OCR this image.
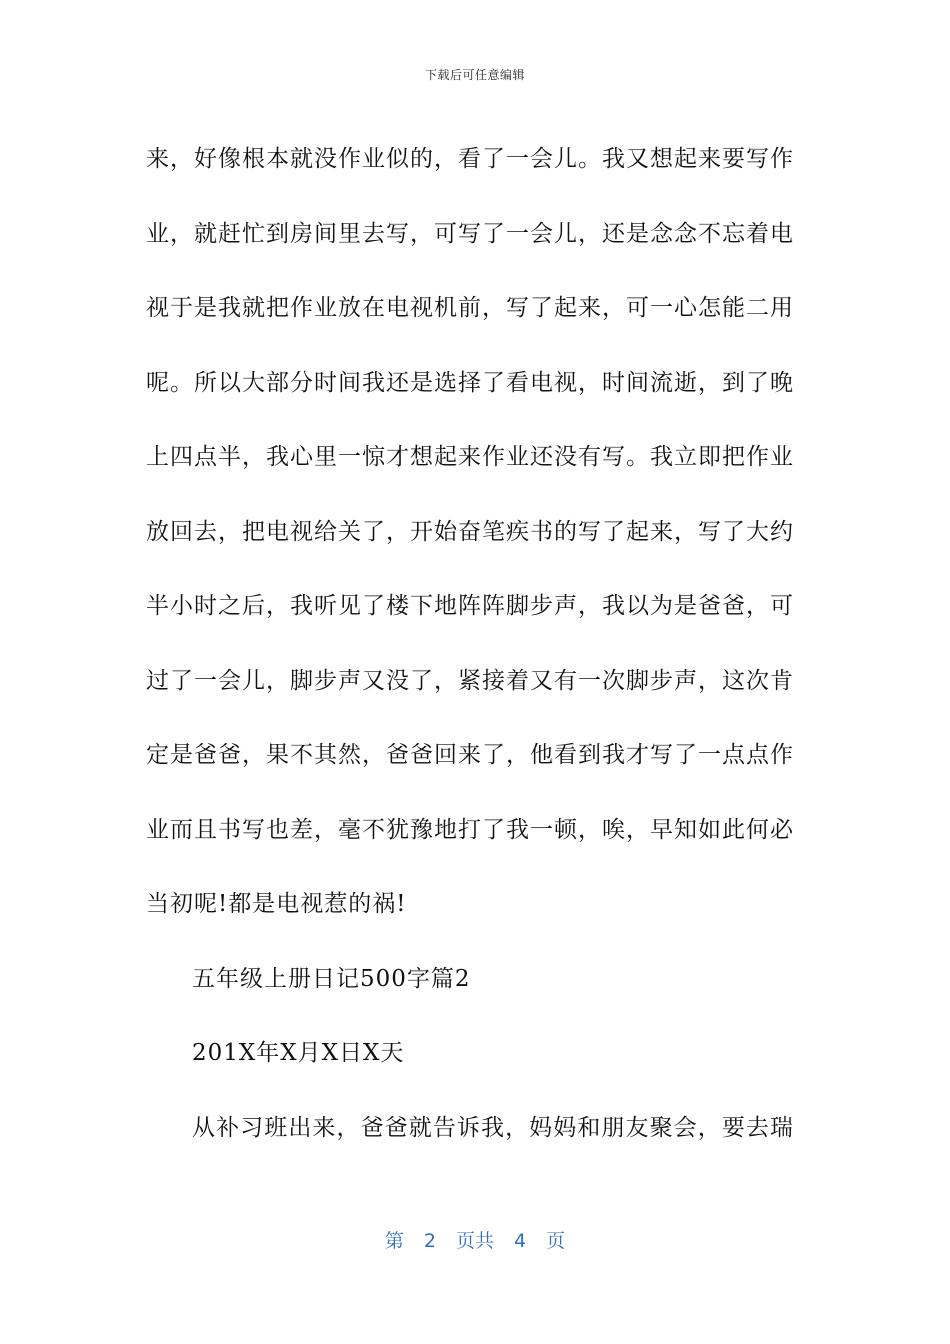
下载后可任意编辑

来，好像根本就没作业似的，看了一会儿。我又想起来要写作

业，就赶忙到房间里去写，可写了一会儿，还是念念不忘着电

视于是我就把作业放在电视机前，写了起来，可一心怎能二用

呢。所以大部分时间我还是选择了看电视，时间流逝，到了晚

上四点半，我心里一惊才想起来作业还没有写。我立即把作业

放回去，把电视给关了，开始奋笔疾书的写了起来，写了大约

半小时之后，我听见了楼下地阵阵脚步声，我以为是爸爸，可

过了一会儿，脚步声又没了，紧接着又有一次脚步声，这次肯

定是爸爸，果不其然，爸爸回来了，他看到我才写了一点点作

业而且书写也差，毫不犹豫地打了我一顿，唉，早知如此何必

当初呢!都是电视惹的祸!

五年级上册日记500字篇2

201X年X月X日X天

从补习班出来，爸爸就告诉我，妈妈和朋友聚会，要去瑞

第 2 页共 4 页
